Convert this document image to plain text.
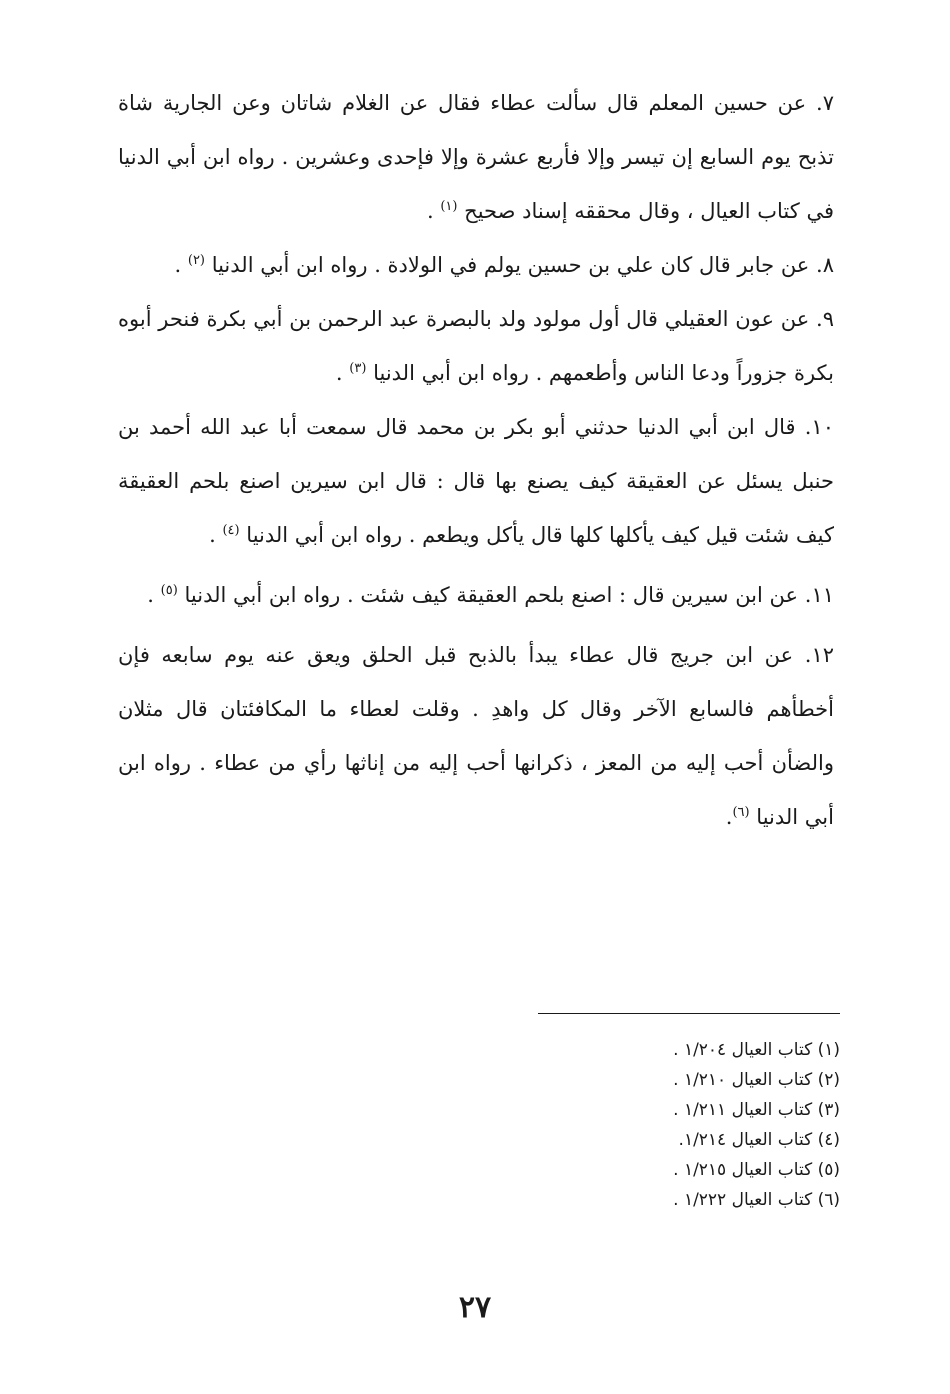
٧. عن حسين المعلم قال سألت عطاء فقال عن الغلام شاتان وعن الجارية شاة تذبح يوم السابع إن تيسر وإلا فأربع عشرة وإلا فإحدى وعشرين . رواه ابن أبي الدنيا في كتاب العيال ، وقال محققه إسناد صحيح $^{(١)}$ .

٨. عن جابر قال كان علي بن حسين يولم في الولادة . رواه ابن أبي الدنيا $^{(٢)}$ .

٩. عن عون العقيلي قال أول مولود ولد بالبصرة عبد الرحمن بن أبي بكرة فنحر أبوه بكرة جزوراً ودعا الناس وأطعمهم . رواه ابن أبي الدنيا $^{(٣)}$ .

١٠. قال ابن أبي الدنيا حدثني أبو بكر بن محمد قال سمعت أبا عبد الله أحمد بن حنبل يسئل عن العقيقة كيف يصنع بها قال : قال ابن سيرين اصنع بلحم العقيقة كيف شئت قيل كيف يأكلها كلها قال يأكل ويطعم . رواه ابن أبي الدنيا $^{(٤)}$ .

١١. عن ابن سيرين قال : اصنع بلحم العقيقة كيف شئت . رواه ابن أبي الدنيا $^{(٥)}$ .

١٢. عن ابن جريج قال عطاء يبدأ بالذبح قبل الحلق ويعق عنه يوم سابعه فإن أخطأهم فالسابع الآخر وقال كل واهدِ . وقلت لعطاء ما المكافئتان قال مثلان والضأن أحب إليه من المعز ، ذكرانها أحب إليه من إناثها رأي من عطاء . رواه ابن أبي الدنيا $^{(٦)}$.

(١) كتاب العيال ١/٢٠٤ .
(٢) كتاب العيال ١/٢١٠ .
(٣) كتاب العيال ١/٢١١ .
(٤) كتاب العيال ١/٢١٤.
(٥) كتاب العيال ١/٢١٥ .
(٦) كتاب العيال ١/٢٢٢ .
٢٧
